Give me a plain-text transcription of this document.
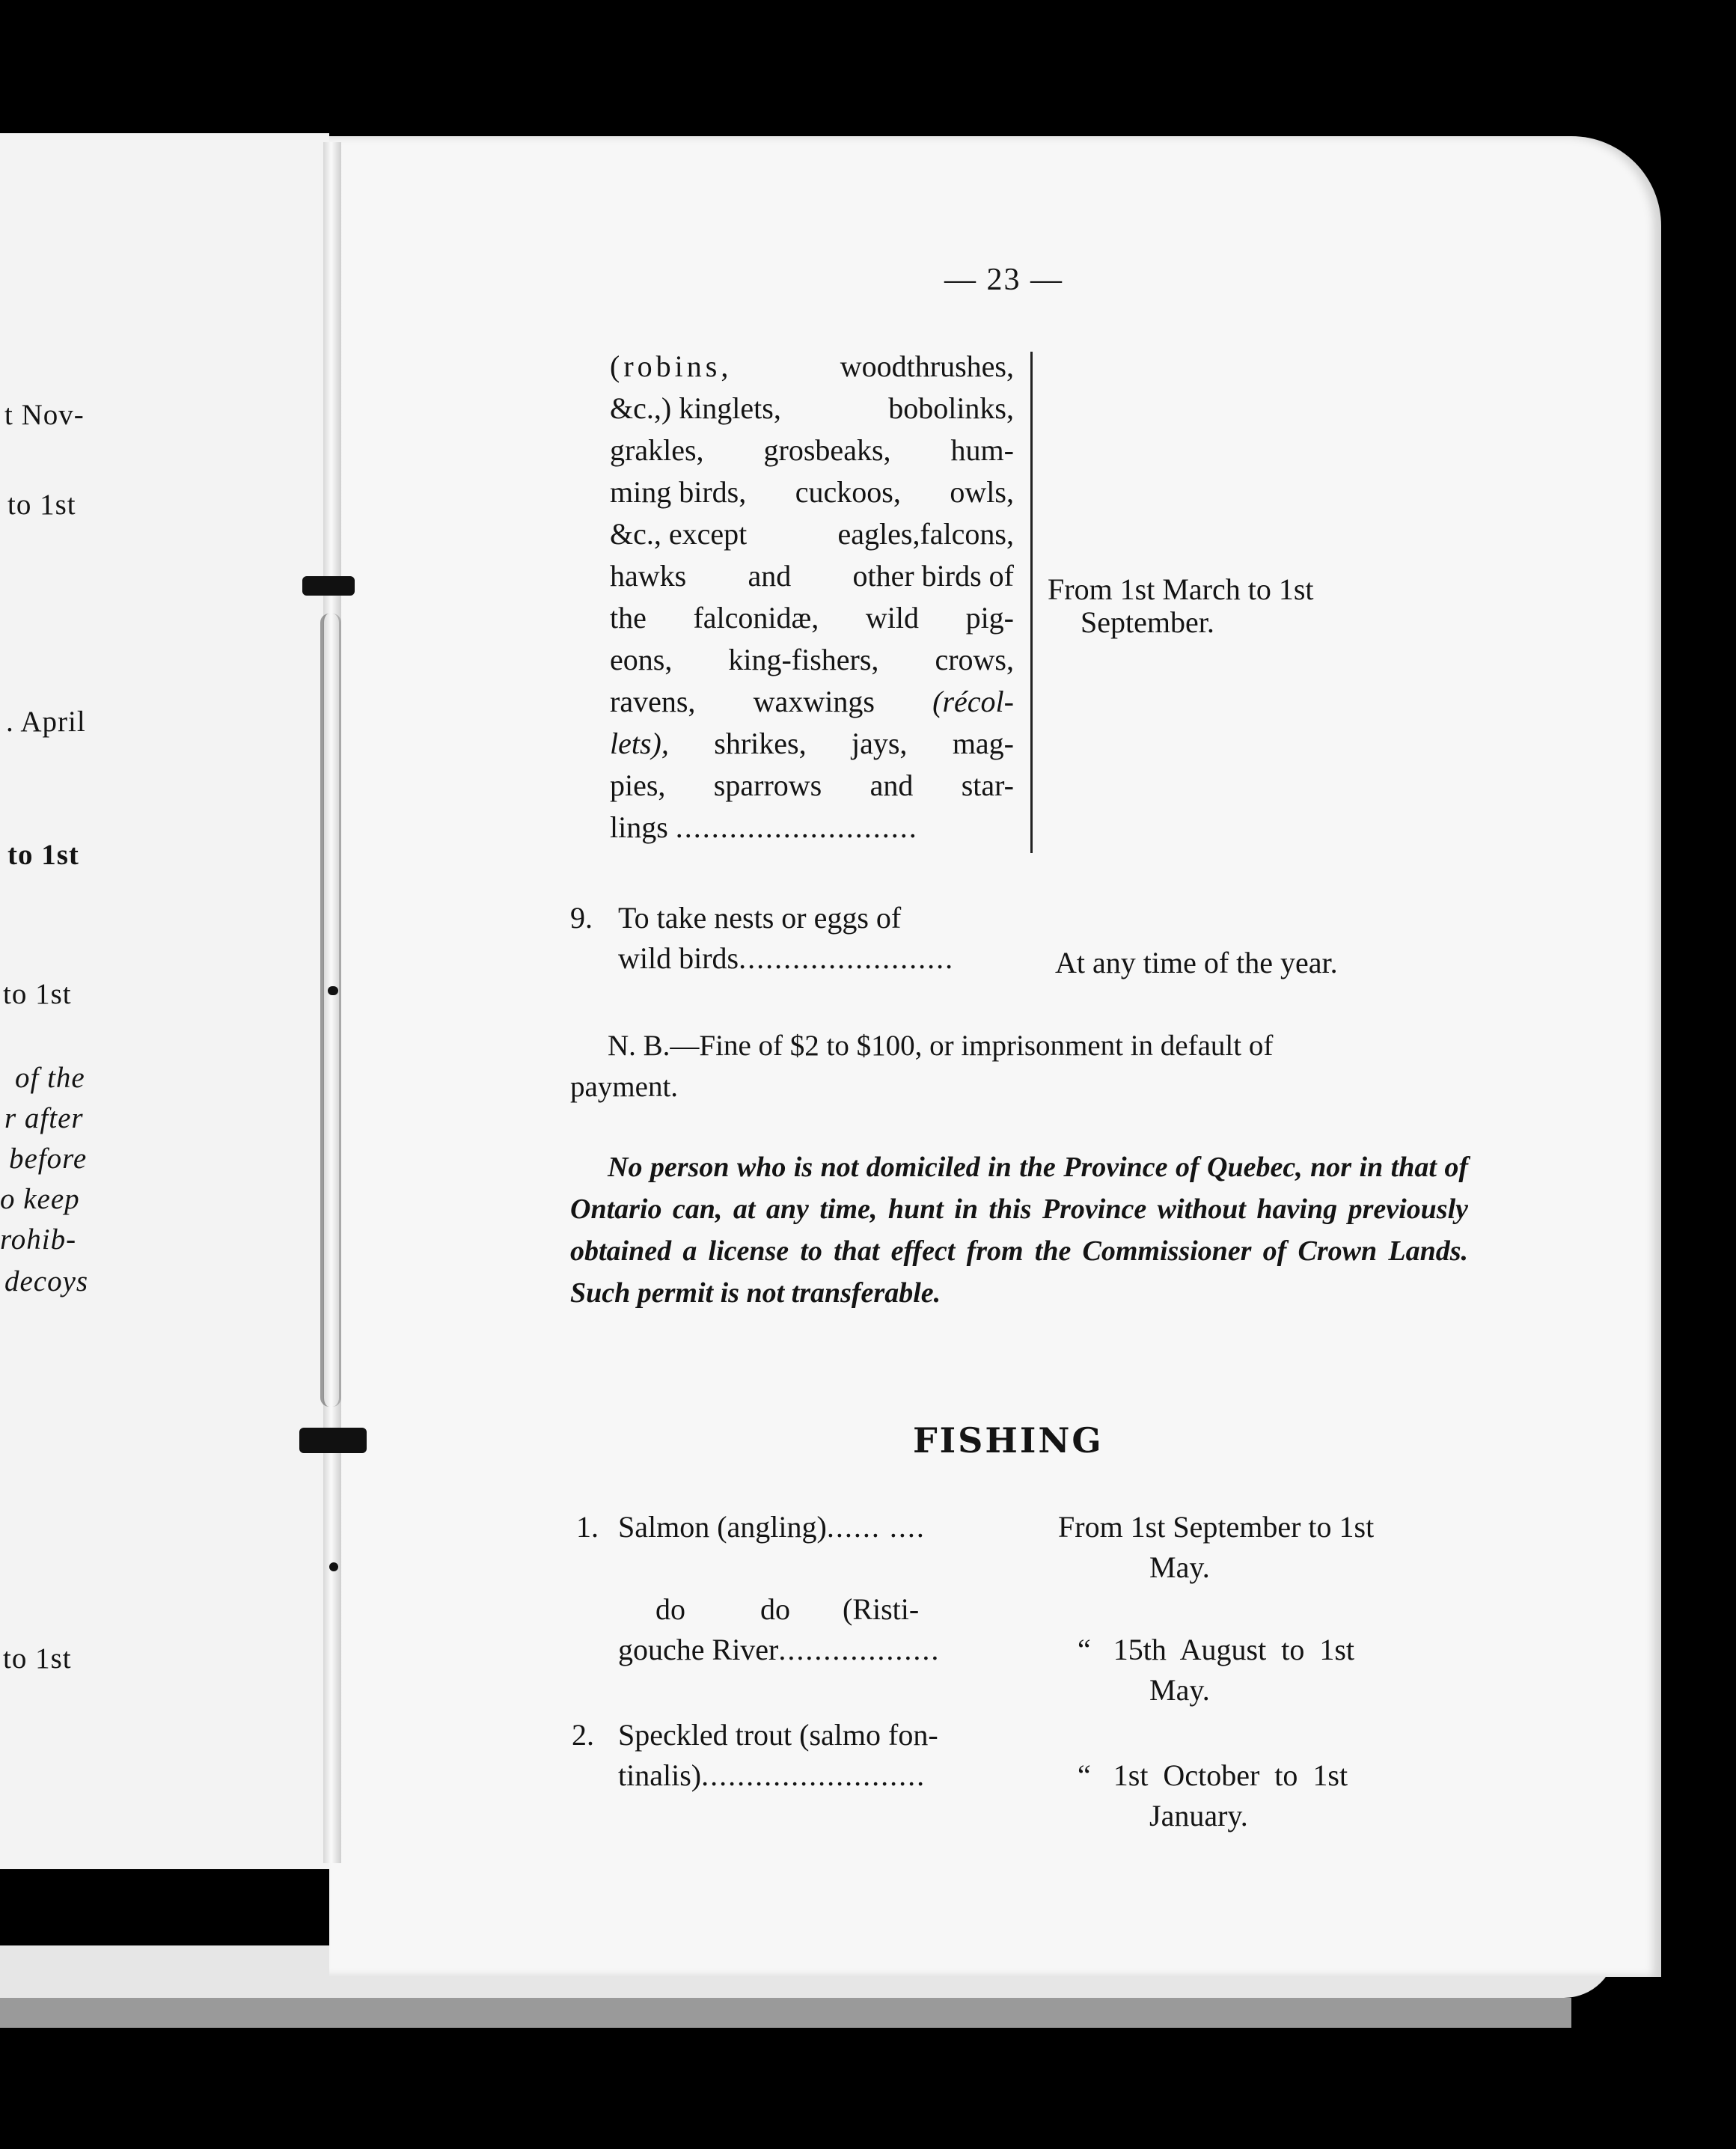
t Nov-
to 1st
. April
to 1st
to 1st
of the
r after
before
o keep
rohib-
decoys
to 1st
— 23 —
(robins,	woodthrushes,
&c.,) kinglets,	bobolinks,
grakles, grosbeaks, hum-
ming birds, cuckoos, owls,
&c., except	eagles,falcons,
hawks and other birds of
the falconidæ, wild pig-
eons, king-fishers, crows,
ravens, waxwings (récol-
lets), shrikes, jays, mag-
pies, sparrows and star-
lings
...........................
From 1st March to 1st
September.
9. To take nests or eggs of
wild birds........................	At any time of the year.
N. B.—Fine of $2 to $100, or imprisonment in default of
payment.
No person who is not domiciled in the Province of Quebec, nor in that of Ontario can, at any time, hunt in this Province without having previously obtained a license to that effect from the Commissioner of Crown Lands. Such permit is not transferable.
FISHING
1. Salmon (angling)...... ....	From 1st September to 1st
May.
do          do       (Risti-
gouche River..................	“   15th  August  to  1st
May.
2. Speckled trout (salmo fon-
tinalis).........................	“   1st  October  to  1st
January.
